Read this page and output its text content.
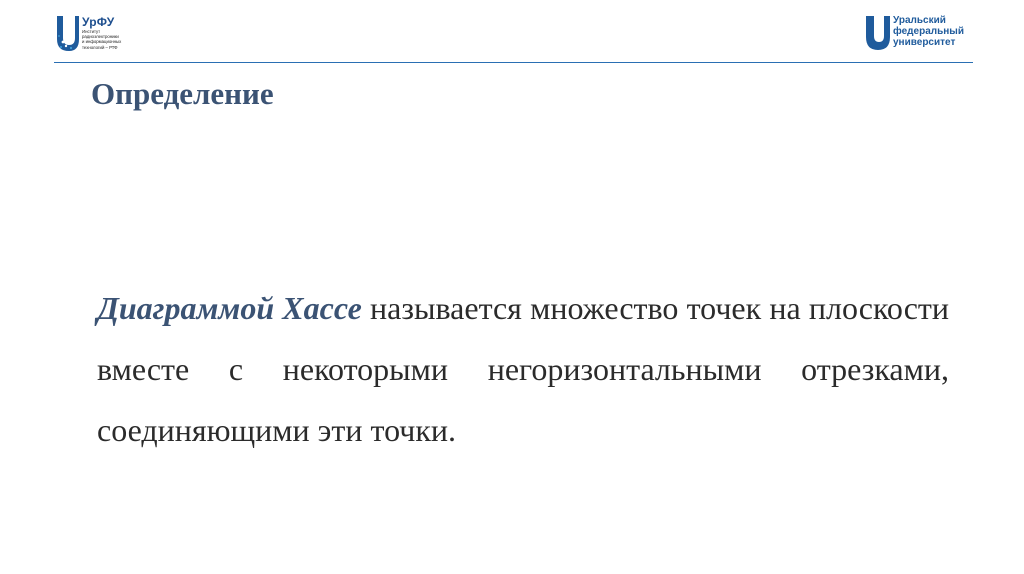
УрФУ
Институт
радиоэлектроники
и информационных
технологий – РТФ
Уральский
федеральный
университет
Определение

Диаграммой Хассе называется множество точек на плоскости вместе с некоторыми негоризонтальными отрезками, соединяющими эти точки.
